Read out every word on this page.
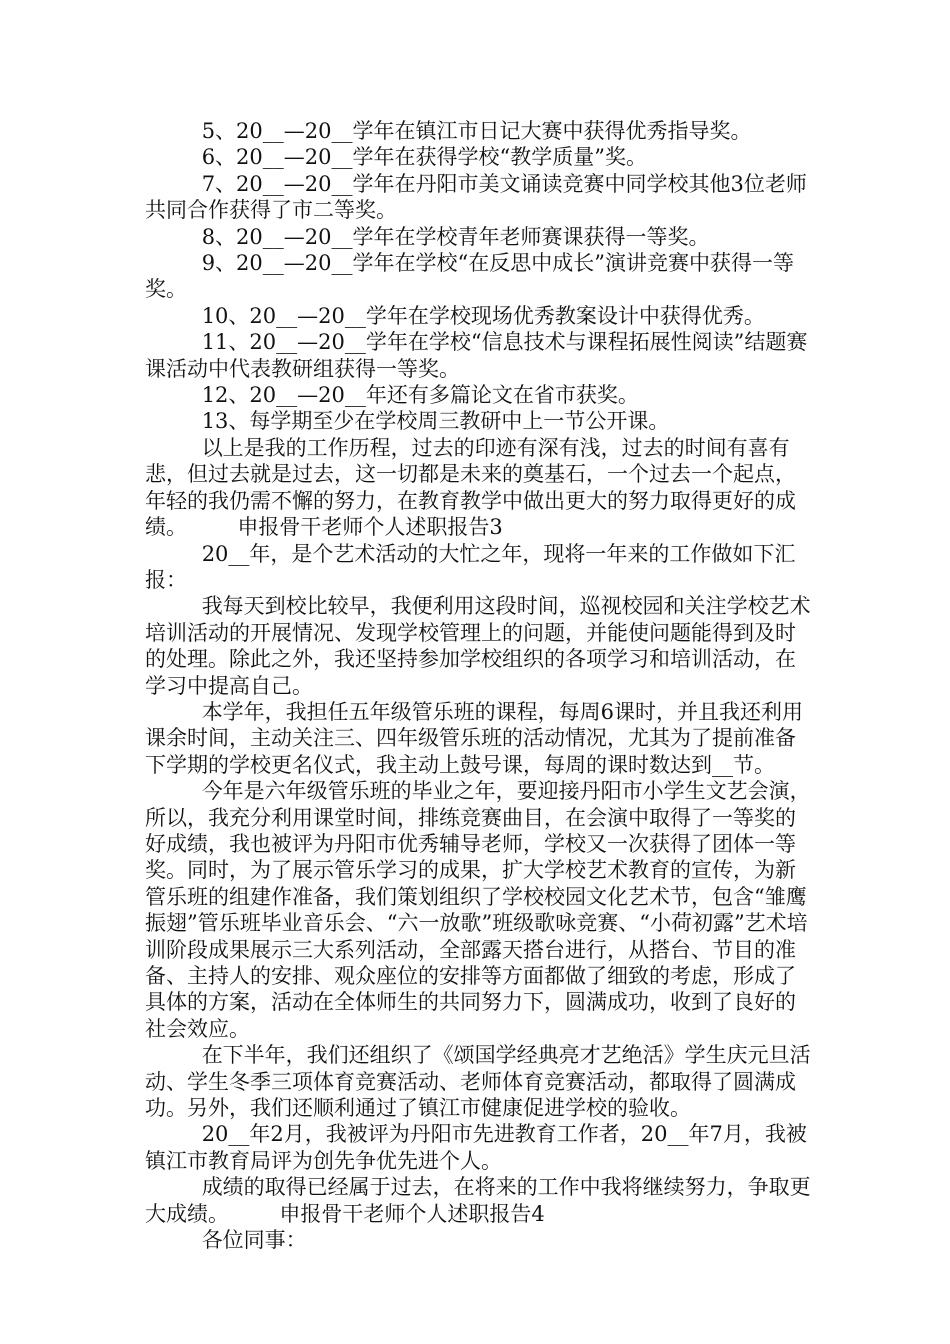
5、20__—20__学年在镇江市日记大赛中获得优秀指导奖。

6、20__—20__学年在获得学校“教学质量”奖。

7、20__—20__学年在丹阳市美文诵读竞赛中同学校其他3位老师共同合作获得了市二等奖。

8、20__—20__学年在学校青年老师赛课获得一等奖。

9、20__—20__学年在学校“在反思中成长”演讲竞赛中获得一等奖。

10、20__—20__学年在学校现场优秀教案设计中获得优秀。

11、20__—20__学年在学校“信息技术与课程拓展性阅读”结题赛课活动中代表教研组获得一等奖。

12、20__—20__年还有多篇论文在省市获奖。

13、每学期至少在学校周三教研中上一节公开课。

以上是我的工作历程，过去的印迹有深有浅，过去的时间有喜有悲，但过去就是过去，这一切都是未来的奠基石，一个过去一个起点，年轻的我仍需不懈的努力，在教育教学中做出更大的努力取得更好的成绩。 申报骨干老师个人述职报告3

20__年，是个艺术活动的大忙之年，现将一年来的工作做如下汇报：

我每天到校比较早，我便利用这段时间，巡视校园和关注学校艺术培训活动的开展情况、发现学校管理上的问题，并能使问题能得到及时的处理。除此之外，我还坚持参加学校组织的各项学习和培训活动，在学习中提高自己。

本学年，我担任五年级管乐班的课程，每周6课时，并且我还利用课余时间，主动关注三、四年级管乐班的活动情况，尤其为了提前准备下学期的学校更名仪式，我主动上鼓号课，每周的课时数达到__节。

今年是六年级管乐班的毕业之年，要迎接丹阳市小学生文艺会演，所以，我充分利用课堂时间，排练竞赛曲目，在会演中取得了一等奖的好成绩，我也被评为丹阳市优秀辅导老师，学校又一次获得了团体一等奖。同时，为了展示管乐学习的成果，扩大学校艺术教育的宣传，为新管乐班的组建作准备，我们策划组织了学校校园文化艺术节，包含“雏鹰振翅”管乐班毕业音乐会、“六一放歌”班级歌咏竞赛、“小荷初露”艺术培训阶段成果展示三大系列活动，全部露天搭台进行，从搭台、节目的准备、主持人的安排、观众座位的安排等方面都做了细致的考虑，形成了具体的方案，活动在全体师生的共同努力下，圆满成功，收到了良好的社会效应。

在下半年，我们还组织了《颂国学经典亮才艺绝活》学生庆元旦活动、学生冬季三项体育竞赛活动、老师体育竞赛活动，都取得了圆满成功。另外，我们还顺利通过了镇江市健康促进学校的验收。

20__年2月，我被评为丹阳市先进教育工作者，20__年7月，我被镇江市教育局评为创先争优先进个人。

成绩的取得已经属于过去，在将来的工作中我将继续努力，争取更大成绩。 申报骨干老师个人述职报告4

各位同事：
